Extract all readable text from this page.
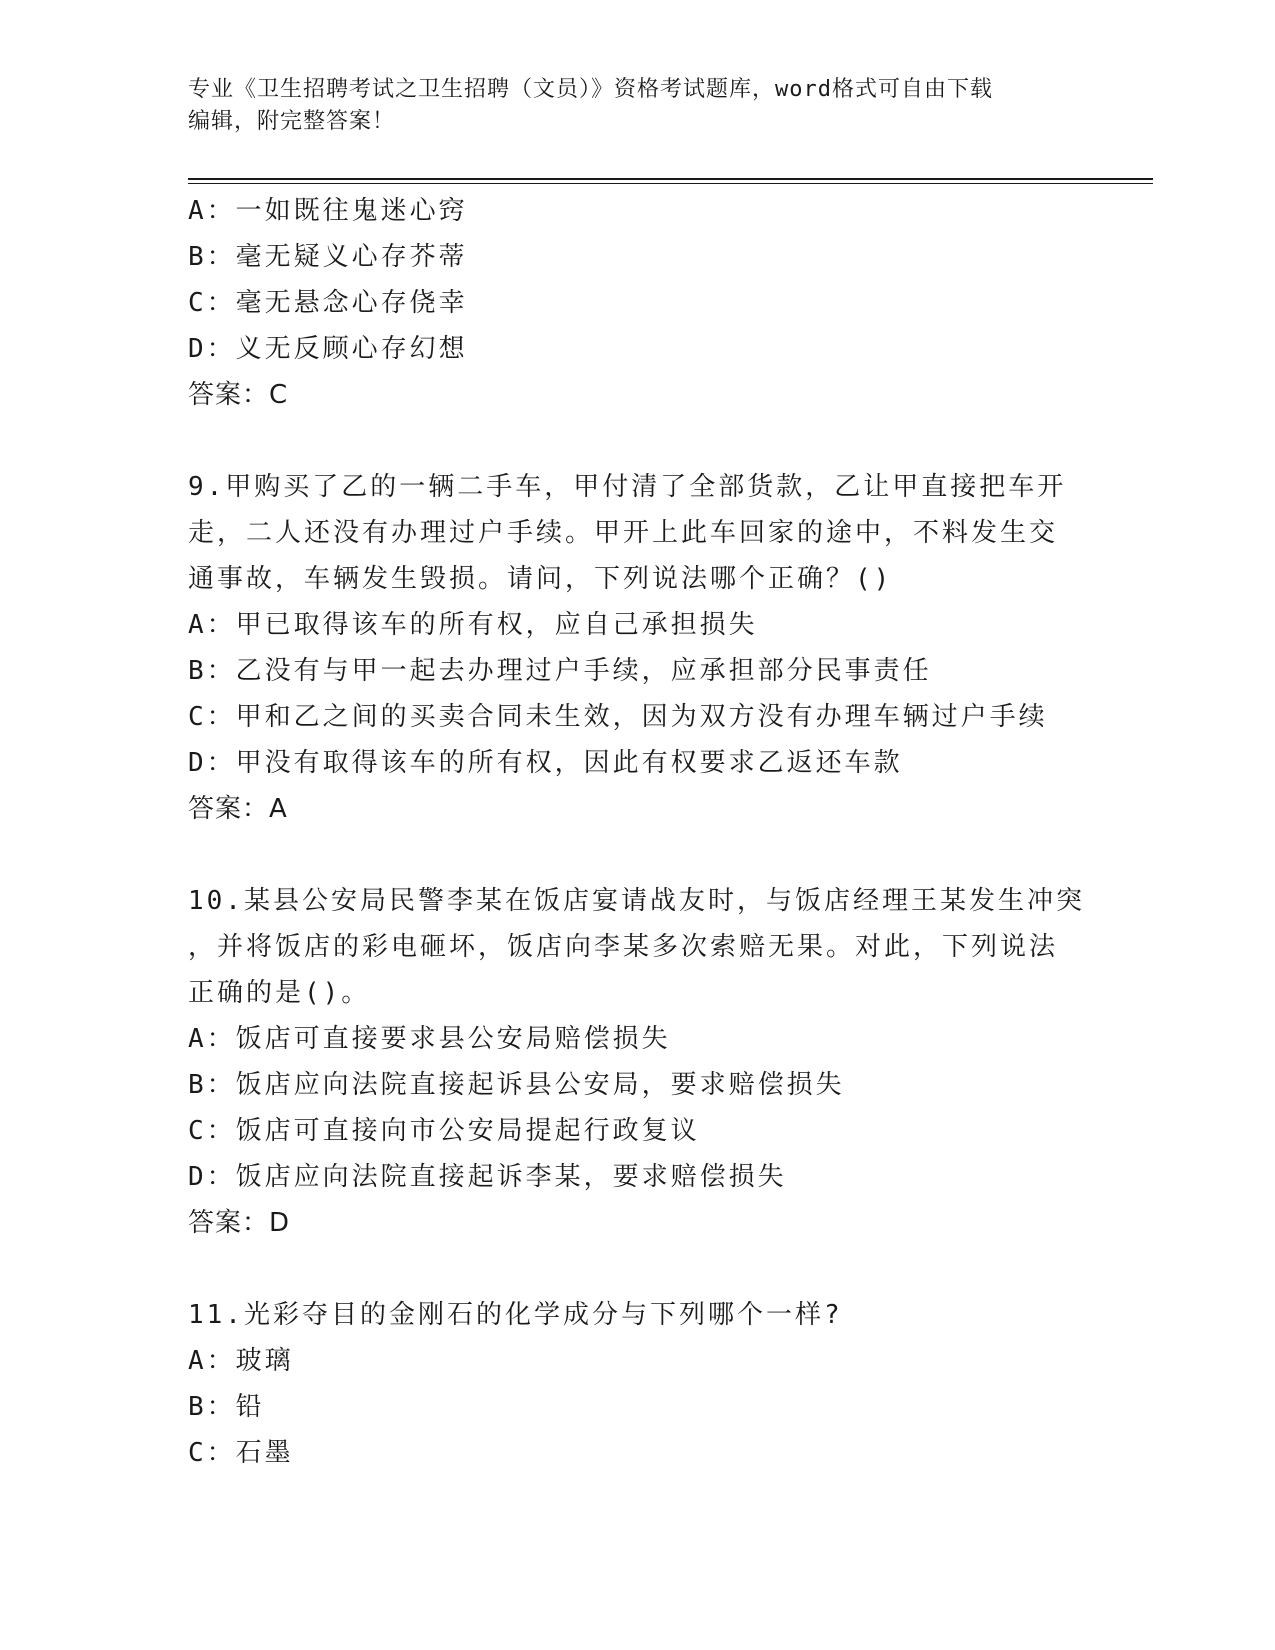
专业《卫生招聘考试之卫生招聘（文员）》资格考试题库，word格式可自由下载
编辑，附完整答案！
A：一如既往鬼迷心窍
B：毫无疑义心存芥蒂
C：毫无悬念心存侥幸
D：义无反顾心存幻想
答案：C
9.甲购买了乙的一辆二手车，甲付清了全部货款，乙让甲直接把车开
走，二人还没有办理过户手续。甲开上此车回家的途中，不料发生交
通事故，车辆发生毁损。请问，下列说法哪个正确？()
A：甲已取得该车的所有权，应自己承担损失
B：乙没有与甲一起去办理过户手续，应承担部分民事责任
C：甲和乙之间的买卖合同未生效，因为双方没有办理车辆过户手续
D：甲没有取得该车的所有权，因此有权要求乙返还车款
答案：A
10.某县公安局民警李某在饭店宴请战友时，与饭店经理王某发生冲突
，并将饭店的彩电砸坏，饭店向李某多次索赔无果。对此，下列说法
正确的是()。
A：饭店可直接要求县公安局赔偿损失
B：饭店应向法院直接起诉县公安局，要求赔偿损失
C：饭店可直接向市公安局提起行政复议
D：饭店应向法院直接起诉李某，要求赔偿损失
答案：D
11.光彩夺目的金刚石的化学成分与下列哪个一样?
A：玻璃
B：铅
C：石墨
